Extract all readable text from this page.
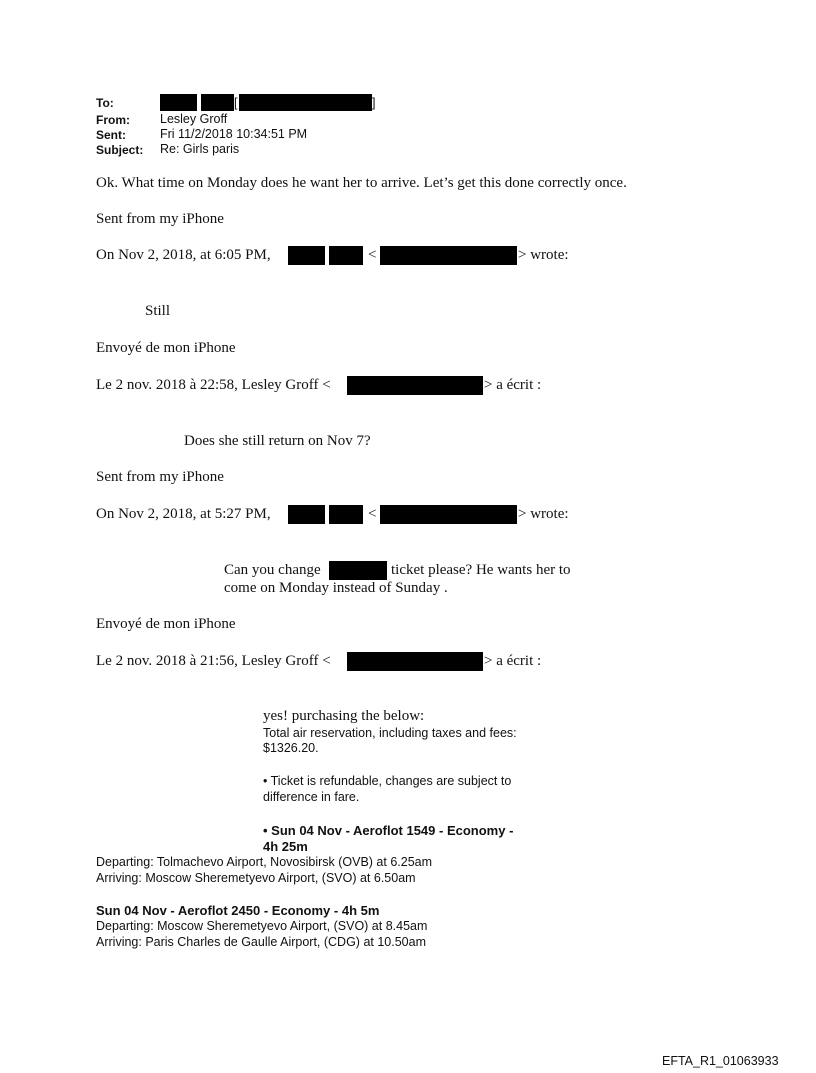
To:	[	]
From: Lesley Groff
Sent:	Fri 11/2/2018 10:34:51 PM
Subject: Re: Girls paris
Ok. What time on Monday does he want her to arrive. Let’s get this done correctly once.
Sent from my iPhone
On Nov 2, 2018, at 6:05 PM,	<	> wrote:
Still
Envoyé de mon iPhone
Le 2 nov. 2018 à 22:58, Lesley Groff <	> a écrit :
Does she still return on Nov 7?
Sent from my iPhone
On Nov 2, 2018, at 5:27 PM,	<	> wrote:
Can you change	ticket please? He wants her to
come on Monday instead of Sunday .
Envoyé de mon iPhone
Le 2 nov. 2018 à 21:56, Lesley Groff <	> a écrit :
yes! purchasing the below:
Total air reservation, including taxes and fees:
$1326.20.
• Ticket is refundable, changes are subject to
difference in fare.
• Sun 04 Nov - Aeroflot 1549 - Economy -
4h 25m
Departing: Tolmachevo Airport, Novosibirsk (OVB) at 6.25am
Arriving: Moscow Sheremetyevo Airport, (SVO) at 6.50am
Sun 04 Nov - Aeroflot 2450 - Economy - 4h 5m
Departing: Moscow Sheremetyevo Airport, (SVO) at 8.45am
Arriving: Paris Charles de Gaulle Airport, (CDG) at 10.50am
EFTA_R1_01063933
